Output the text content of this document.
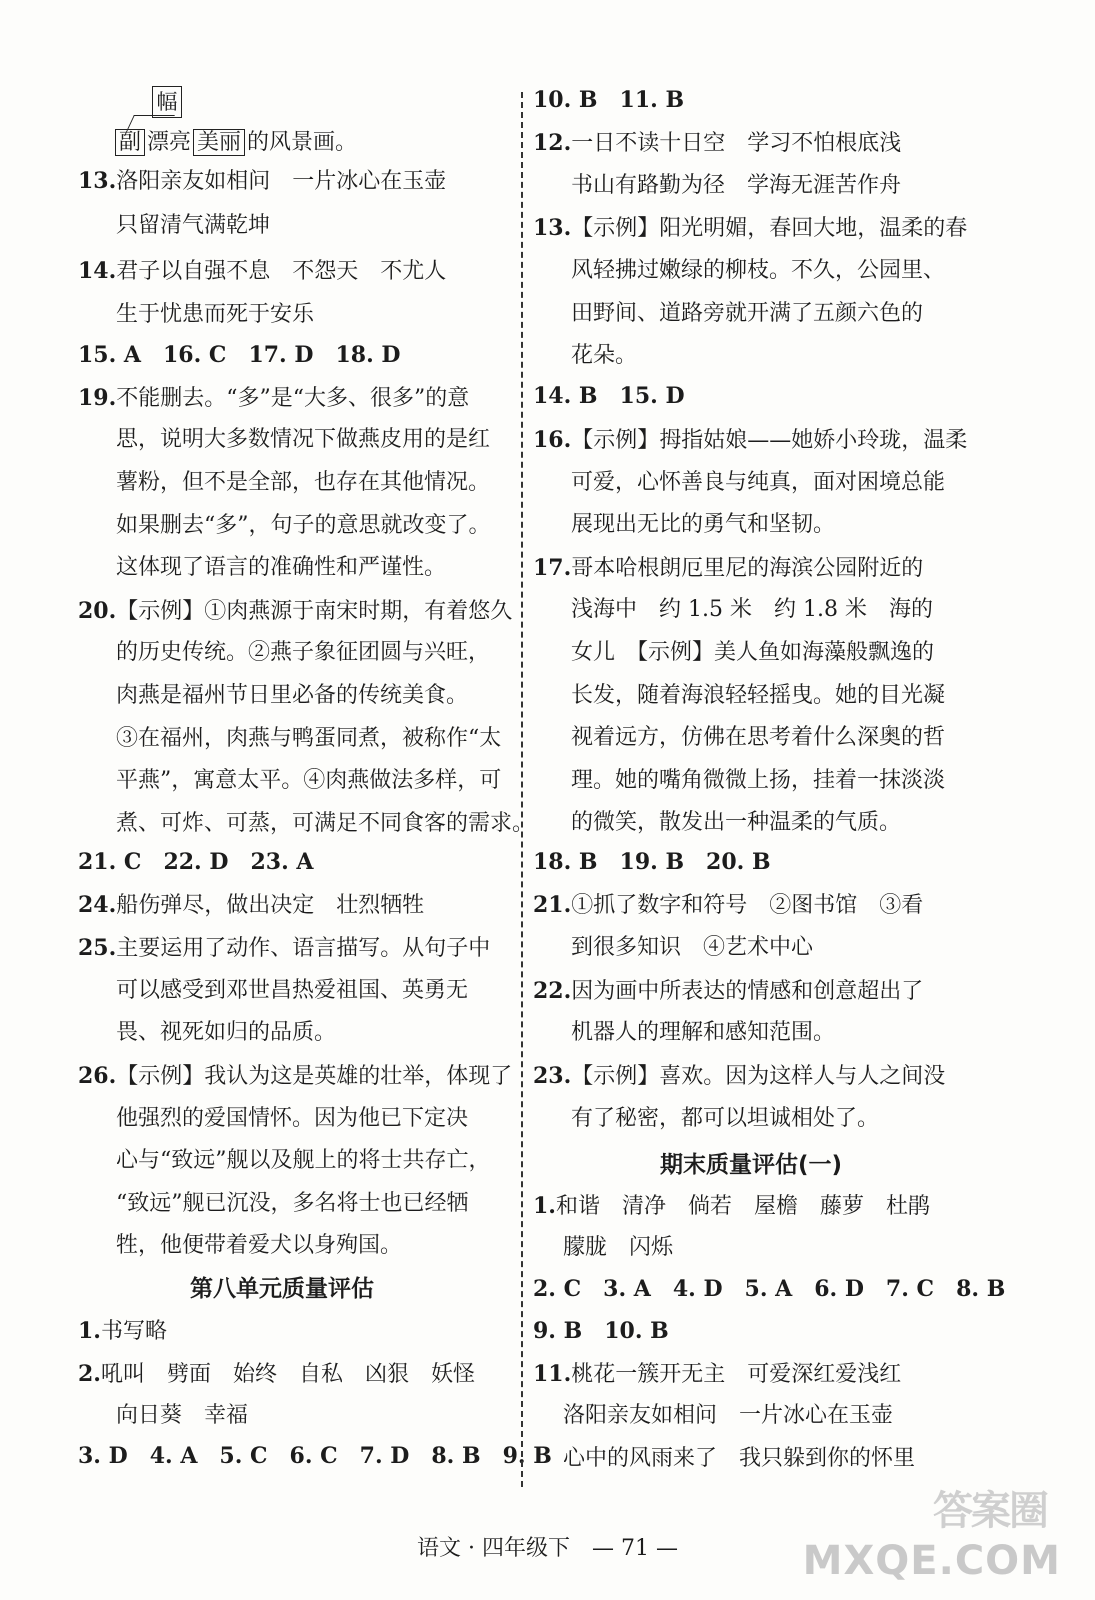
13.洛阳亲友如相问　一片冰心在玉壶
只留清气满乾坤
14.君子以自强不息　不怨天　不尤人
生于忧患而死于安乐
15. A　16. C　17. D　18. D
19.不能删去。“多”是“大多、很多”的意
思，说明大多数情况下做燕皮用的是红
薯粉，但不是全部，也存在其他情况。
如果删去“多”，句子的意思就改变了。
这体现了语言的准确性和严谨性。
20.【示例】①肉燕源于南宋时期，有着悠久
的历史传统。②燕子象征团圆与兴旺，
肉燕是福州节日里必备的传统美食。
③在福州，肉燕与鸭蛋同煮，被称作“太
平燕”，寓意太平。④肉燕做法多样，可
煮、可炸、可蒸，可满足不同食客的需求。
21. C　22. D　23. A
24.船伤弹尽，做出决定　壮烈牺牲
25.主要运用了动作、语言描写。从句子中
可以感受到邓世昌热爱祖国、英勇无
畏、视死如归的品质。
26.【示例】我认为这是英雄的壮举，体现了
他强烈的爱国情怀。因为他已下定决
心与“致远”舰以及舰上的将士共存亡，
“致远”舰已沉没，多名将士也已经牺
牲，他便带着爱犬以身殉国。
1.书写略
2.吼叫　劈面　始终　自私　凶狠　妖怪
向日葵　幸福
3. D　4. A　5. C　6. C　7. D　8. B　9. B
10. B　11. B
12.一日不读十日空　学习不怕根底浅
书山有路勤为径　学海无涯苦作舟
13.【示例】阳光明媚，春回大地，温柔的春
风轻拂过嫩绿的柳枝。不久，公园里、
田野间、道路旁就开满了五颜六色的
花朵。
14. B　15. D
16.【示例】拇指姑娘——她娇小玲珑，温柔
可爱，心怀善良与纯真，面对困境总能
展现出无比的勇气和坚韧。
17.哥本哈根朗厄里尼的海滨公园附近的
浅海中　约 1.5 米　约 1.8 米　海的
女儿　【示例】美人鱼如海藻般飘逸的
长发，随着海浪轻轻摇曳。她的目光凝
视着远方，仿佛在思考着什么深奥的哲
理。她的嘴角微微上扬，挂着一抹淡淡
的微笑，散发出一种温柔的气质。
18. B　19. B　20. B
21.①抓了数字和符号　②图书馆　③看
到很多知识　④艺术中心
22.因为画中所表达的情感和创意超出了
机器人的理解和感知范围。
23.【示例】喜欢。因为这样人与人之间没
有了秘密，都可以坦诚相处了。
1.和谐　清净　倘若　屋檐　藤萝　杜鹃
朦胧　闪烁
2. C　3. A　4. D　5. A　6. D　7. C　8. B
9. B　10. B
11.桃花一簇开无主　可爱深红爱浅红
洛阳亲友如相问　一片冰心在玉壶
心中的风雨来了　我只躲到你的怀里
幅
副 漂亮 美丽 的风景画。
第八单元质量评估
期末质量评估(一)
语文 · 四年级下　— 71 —
答案圈
MXQE.COM
